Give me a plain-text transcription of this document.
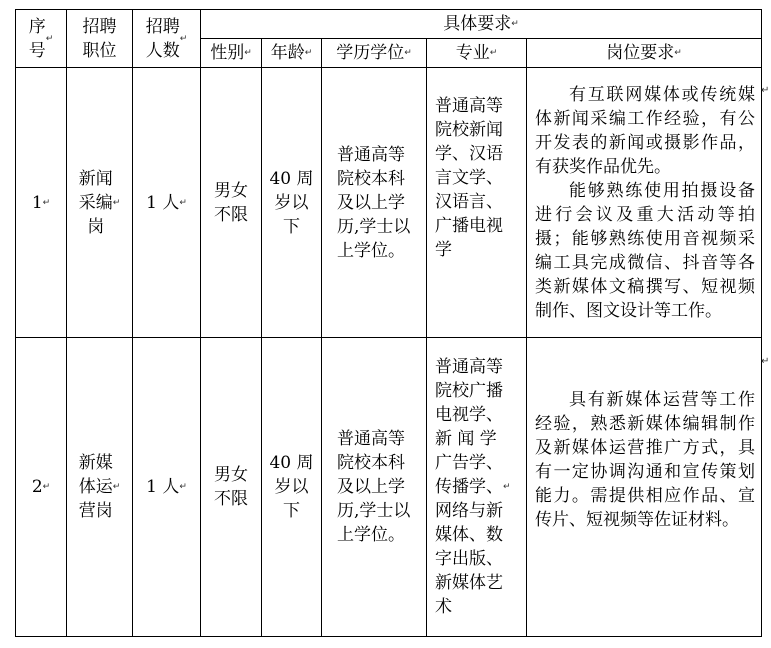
序
号
↵
招聘
职位
招聘
人数
↵
具体要求 ↵
性别 ↵ 年龄 ↵ 学历学位 ↵	专业 ↵	岗位要求 ↵
1 ↵
新闻
采编
岗
↵ 1 人 ↵
男女
不限
40 周
岁以
下
普通高等
院校本科
及以上学
历,学士以
上学位。
普通高等
院校新闻
学、汉语
言文学、
汉语言、
广播电视
学

有互联网媒体或传统媒体新闻采编工作经验，有公开发表的新闻或摄影作品，有获奖作品优先。

能够熟练使用拍摄设备进行会议及重大活动等拍摄；能够熟练使用音视频采编工具完成微信、抖音等各类新媒体文稿撰写、短视频制作、图文设计等工作。

2 ↵
新媒
体运
营岗
↵ 1 人 ↵
男女
不限
40 周
岁以
下
普通高等
院校本科
及以上学
历,学士以
上学位。
普通高等
院校广播
电视学、
新 闻 学
广告学、
传播学、
网络与新
媒体、数
字出版、
新媒体艺
术
↵

具有新媒体运营等工作经验，熟悉新媒体编辑制作及新媒体运营推广方式，具有一定协调沟通和宣传策划能力。需提供相应作品、宣传片、短视频等佐证材料。

↵
↵
